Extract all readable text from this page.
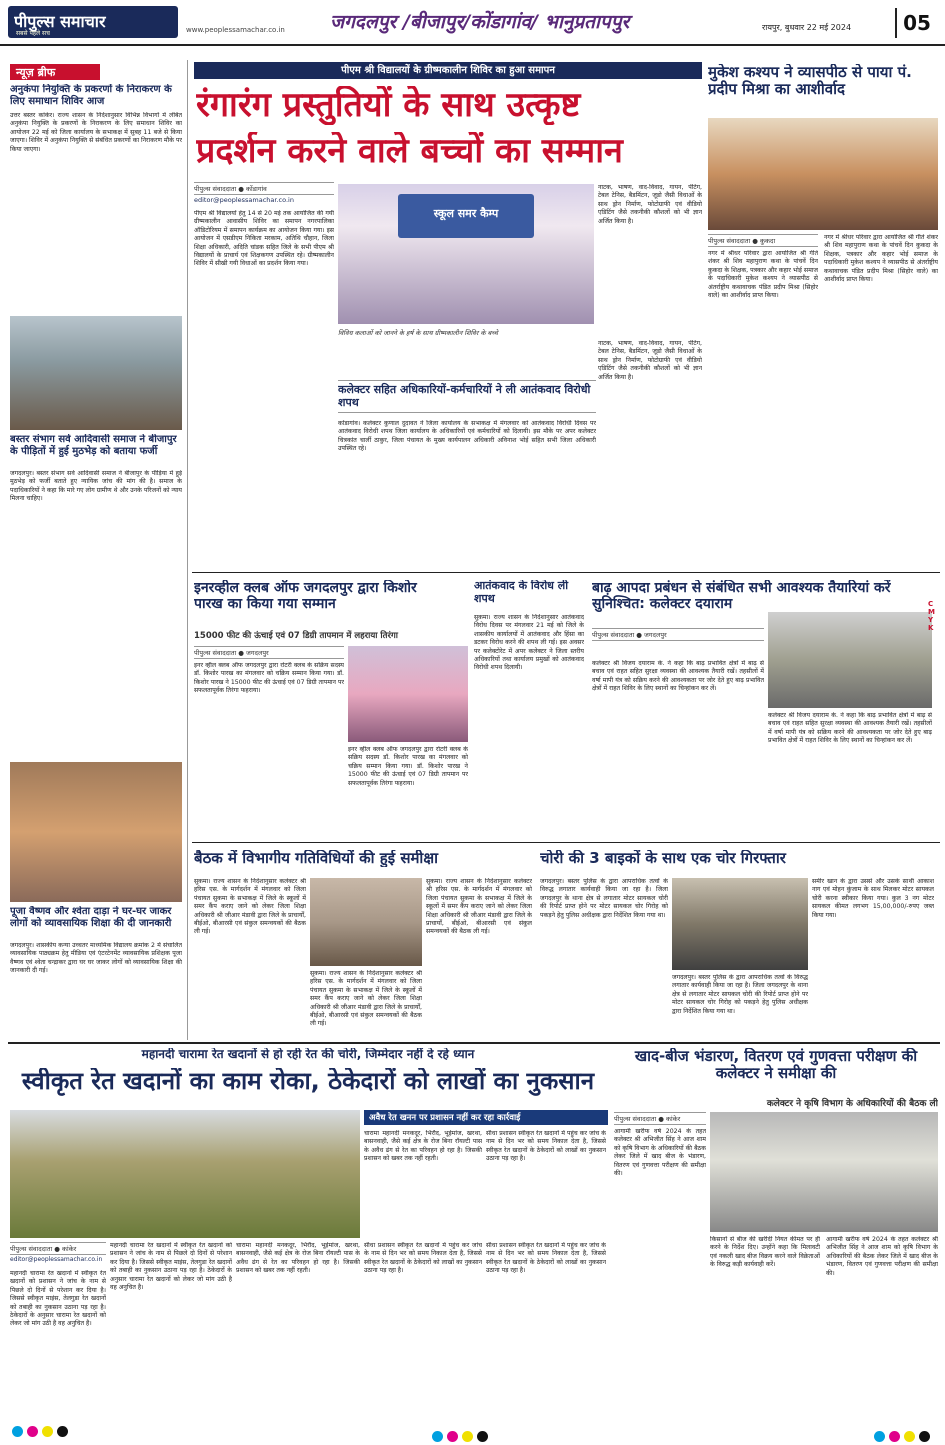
पीपुल्स समाचार
सबसे पहले सच	www.peoplessamachar.co.in जगदलपुर /बीजापुर/कोंडागांव/ भानुप्रतापपुर	रायपुर, बुधवार 22 मई 2024	05
न्यूज़ ब्रीफ
अनुकंपा नियुक्ति के प्रकरणों के निराकरण के लिए समाधान शिविर आज
उत्तर बस्तर कांकेर। राज्य शासन के निर्देशानुसार विभिन्न विभागों में लंबित अनुकंपा नियुक्ति के प्रकरणों के निराकरण के लिए समाधान शिविर का आयोजन 22 मई को जिला कार्यालय के सभाकक्ष में सुबह 11 बजे से किया जाएगा। शिविर में अनुकंपा नियुक्ति से संबंधित प्रकरणों का निराकरण मौके पर किया जाएगा।
बस्तर संभाग सर्व आदिवासी समाज ने बीजापुर के पीड़ितों में हुई मुठभेड़ को बताया फर्जी
जगदलपुर। बस्तर संभाग सर्व आदिवासी समाज ने बीजापुर के पीड़िया में हुई मुठभेड़ को फर्जी बताते हुए न्यायिक जांच की मांग की है। समाज के पदाधिकारियों ने कहा कि मारे गए लोग ग्रामीण थे और उनके परिजनों को न्याय मिलना चाहिए।
पूजा वैष्णव और श्वेता दाड़ा ने घर-घर जाकर लोगों को व्यावसायिक शिक्षा की दी जानकारी
जगदलपुर। शासकीय कन्या उच्चतर माध्यमिक विद्यालय क्रमांक 2 में संचालित व्यावसायिक पाठ्यक्रम हेतु मीडिया एवं एंटरटेनमेंट व्यावसायिक प्रशिक्षक पूजा वैष्णव एवं श्वेता चन्द्राकर द्वारा घर घर जाकर लोगों को व्यावसायिक शिक्षा की जानकारी दी गई।
पीएम श्री विद्यालयों के ग्रीष्मकालीन शिविर का हुआ समापन
रंगारंग प्रस्तुतियों के साथ उत्कृष्ट
प्रदर्शन करने वाले बच्चों का सम्मान
पीपुल्स संवाददाता ● कोंडागांव
editor@peoplessamachar.co.in
पीएम श्री विद्यालयों हेतु 14 से 20 मई तक आयोजित की गयी ग्रीष्मकालीन आवासीय शिविर का समापन नगरपालिका ऑडिटोरियम में समापन कार्यक्रम का आयोजन किया गया। इस आयोजन में एसडीएम निकिता मरकाम, अतिथि चौहान, जिला शिक्षा अधिकारी, अदिति चांडक सहित जिले के सभी पीएम श्री विद्यालयों के प्राचार्य एवं शिक्षकगण उपस्थित रहे। ग्रीष्मकालीन शिविर में सीखी गयी विधाओं का प्रदर्शन किया गया।
स्कूल समर कैम्प
विविध कलाओं को जानने के हर्ष के साथ ग्रीष्मकालीन शिविर के बच्चे
नाटक, भाषण, वाद-विवाद, गायन, पेंटिंग, टेबल टेनिस, बैडमिंटन, जूडो जैसी विधाओं के साथ ड्रोन निर्माण, फोटोग्राफी एवं वीडियो एडिटिंग जैसे तकनीकी कौशलों को भी ज्ञान अर्जित किया है।
कलेक्टर सहित अधिकारियों-कर्मचारियों ने ली आतंकवाद विरोधी शपथ
कोंडागांव। कलेक्टर कुणाल दुदावत ने जिला कार्यालय के सभाकक्ष में मंगलवार को आतंकवाद विरोधी दिवस पर आतंकवाद विरोधी शपथ जिला कार्यालय के अधिकारियों एवं कर्मचारियों को दिलायी। इस मौके पर अपर कलेक्टर चित्रकांत चार्ली ठाकुर, जिला पंचायत के मुख्य कार्यपालन अधिकारी अविनाश भोई सहित सभी जिला अधिकारी उपस्थित रहे।
नाटक, भाषण, वाद-विवाद, गायन, पेंटिंग, टेबल टेनिस, बैडमिंटन, जूडो जैसी विधाओं के साथ ड्रोन निर्माण, फोटोग्राफी एवं वीडियो एडिटिंग जैसे तकनीकी कौशलों को भी ज्ञान अर्जित किया है।
मुकेश कश्यप ने व्यासपीठ से पाया पं. प्रदीप मिश्रा का आशीर्वाद
पीपुल्स संवाददाता ● कुकदा
नगर में श्रीधर परिवार द्वारा आयोजित श्री गीते शंकर श्री शिव महापुराण कथा के पांचवें दिन कुकदा के शिक्षक, पत्रकार और कहार भोई समाज के पदाधिकारी मुकेश कश्यप ने व्यासपीठ से अंतर्राष्ट्रीय कथावाचक पंडित प्रदीप मिश्रा (सिहोर वाले) का आशीर्वाद प्राप्त किया।
नगर में श्रीधर परिवार द्वारा आयोजित श्री गीते शंकर श्री शिव महापुराण कथा के पांचवें दिन कुकदा के शिक्षक, पत्रकार और कहार भोई समाज के पदाधिकारी मुकेश कश्यप ने व्यासपीठ से अंतर्राष्ट्रीय कथावाचक पंडित प्रदीप मिश्रा (सिहोर वाले) का आशीर्वाद प्राप्त किया।
इनरव्हील क्लब ऑफ जगदलपुर द्वारा किशोर पारख का किया गया सम्मान
15000 फीट की ऊंचाई एवं 07 डिग्री तापमान में लहराया तिरंगा
पीपुल्स संवाददाता ● जगदलपुर
इनर व्हील क्लब ऑफ जगदलपुर द्वारा रोटरी क्लब के सक्रिय सदस्य डॉ. किशोर पारख का मंगलवार को चक्रिय सम्मान किया गया। डॉ. किशोर पारख ने 15000 फीट की ऊंचाई एवं 07 डिग्री तापमान पर सफलतापूर्वक तिरंगा फहराया।
इनर व्हील क्लब ऑफ जगदलपुर द्वारा रोटरी क्लब के सक्रिय सदस्य डॉ. किशोर पारख का मंगलवार को चक्रिय सम्मान किया गया। डॉ. किशोर पारख ने 15000 फीट की ऊंचाई एवं 07 डिग्री तापमान पर सफलतापूर्वक तिरंगा फहराया।
आतंकवाद के विरोध ली शपथ
सुकमा। राज्य शासन के निर्देशानुसार आतंकवाद विरोध दिवस पर मंगलवार 21 मई को जिले के शासकीय कार्यालयों में आतंकवाद और हिंसा का डटकर विरोध करने की शपथ ली गई। इस अवसर पर कलेक्टोरेट में अपर कलेक्टर ने जिला स्तरीय अधिकारियों तथा कार्यालय प्रमुखों को आतंकवाद विरोधी शपथ दिलायी।
बाढ़ आपदा प्रबंधन से संबंधित सभी आवश्यक तैयारियां करें सुनिश्चित: कलेक्टर दयाराम
पीपुल्स संवाददाता ● जगदलपुर
कलेक्टर श्री विजय दयाराम के. ने कहा कि बाढ़ प्रभावित क्षेत्रों में बाढ़ से बचाव एवं राहत सहित सुरक्षा व्यवस्था की आवश्यक तैयारी रखें। तहसीलों में वर्षा मापी यंत्र को सक्रिय करने की आवश्यकता पर जोर देते हुए बाढ़ प्रभावित क्षेत्रों में राहत शिविर के लिए स्थानों का चिन्हांकन कर लें।
कलेक्टर श्री विजय दयाराम के. ने कहा कि बाढ़ प्रभावित क्षेत्रों में बाढ़ से बचाव एवं राहत सहित सुरक्षा व्यवस्था की आवश्यक तैयारी रखें। तहसीलों में वर्षा मापी यंत्र को सक्रिय करने की आवश्यकता पर जोर देते हुए बाढ़ प्रभावित क्षेत्रों में राहत शिविर के लिए स्थानों का चिन्हांकन कर लें।
C
M
Y
K
बैठक में विभागीय गतिविधियों की हुई समीक्षा
सुकमा। राज्य शासन के निर्देशानुसार कलेक्टर श्री हरिस एस. के मार्गदर्शन में मंगलवार को जिला पंचायत सुकमा के सभाकक्ष में जिले के स्कूलों में समर कैंप कराए जाने को लेकर जिला शिक्षा अधिकारी श्री जीआर मंडावी द्वारा जिले के प्राचार्यों, बीईओ, बीआरसी एवं संकुल समन्वयकों की बैठक ली गई।
सुकमा। राज्य शासन के निर्देशानुसार कलेक्टर श्री हरिस एस. के मार्गदर्शन में मंगलवार को जिला पंचायत सुकमा के सभाकक्ष में जिले के स्कूलों में समर कैंप कराए जाने को लेकर जिला शिक्षा अधिकारी श्री जीआर मंडावी द्वारा जिले के प्राचार्यों, बीईओ, बीआरसी एवं संकुल समन्वयकों की बैठक ली गई।
सुकमा। राज्य शासन के निर्देशानुसार कलेक्टर श्री हरिस एस. के मार्गदर्शन में मंगलवार को जिला पंचायत सुकमा के सभाकक्ष में जिले के स्कूलों में समर कैंप कराए जाने को लेकर जिला शिक्षा अधिकारी श्री जीआर मंडावी द्वारा जिले के प्राचार्यों, बीईओ, बीआरसी एवं संकुल समन्वयकों की बैठक ली गई।
चोरी की 3 बाइकों के साथ एक चोर गिरफ्तार
जगदलपुर। बस्तर पुलिस के द्वारा आपराधिक तत्वों के विरुद्ध लगातार कार्यवाही किया जा रहा है। जिला जगदलपुर के थाना क्षेत्र से लगातार मोटर सायकल चोरी की रिपोर्ट प्राप्त होने पर मोटर सायकल चोर गिरोह को पकड़ने हेतु पुलिस अधीक्षक द्वारा निर्देशित किया गया था।
समीर खान के द्वारा उससे और उसके साथी आकाश नाग एवं मोहन कुंजाम के साथ मिलकर मोटर सायकल चोरी करना स्वीकार किया गया। कुल 3 नग मोटर सायकल कीमत लगभग 15,00,000/-रुपए जब्त किया गया।
जगदलपुर। बस्तर पुलिस के द्वारा आपराधिक तत्वों के विरुद्ध लगातार कार्यवाही किया जा रहा है। जिला जगदलपुर के थाना क्षेत्र से लगातार मोटर सायकल चोरी की रिपोर्ट प्राप्त होने पर मोटर सायकल चोर गिरोह को पकड़ने हेतु पुलिस अधीक्षक द्वारा निर्देशित किया गया था।
महानदी चारामा रेत खदानों से हो रही रेत की चोरी, जिम्मेदार नहीं दे रहे ध्यान
स्वीकृत रेत खदानों का काम रोका, ठेकेदारों को लाखों का नुकसान
अवैध रेत खनन पर प्रशासन नहीं कर रहा कार्रवाई
चारामा महानदी मनकदूर, भिरौद, भूईमांज, खरथा, बासनवाही, जैसे कई क्षेत्र के रोज बिना रॉयल्टी पास के अवैध ढंग से रेत का परिवहन हो रहा है। जिसकी प्रशासन को खबर तक नहीं रहती।
सीधा प्रशासन स्वीकृत रेत खदानों में पहुंच कर जांच के नाम से दिन भर को समय निकाल देता है, जिससे स्वीकृत रेत खदानों के ठेकेदारों को लाखों का नुकसान उठाना पड़ रहा है।
पीपुल्स संवाददाता ● कांकेर
editor@peoplessamachar.co.in
महानदी चारामा रेत खदानों में स्वीकृत रेत खदानों को प्रशासन ने जांच के नाम से पिछले दो दिनों से परेशान कर दिया है। जिससे स्वीकृत माइंस, तेलगुडा रेत खदानों को तबाही का नुकसान उठाना पड़ रहा है। ठेकेदारों के अनुसार चारामा रेत खदानों को लेकर जो मांग उठी है वह अनुचित है।
महानदी चारामा रेत खदानों में स्वीकृत रेत खदानों को प्रशासन ने जांच के नाम से पिछले दो दिनों से परेशान कर दिया है। जिससे स्वीकृत माइंस, तेलगुडा रेत खदानों को तबाही का नुकसान उठाना पड़ रहा है। ठेकेदारों के अनुसार चारामा रेत खदानों को लेकर जो मांग उठी है वह अनुचित है।
चारामा महानदी मनकदूर, भिरौद, भूईमांज, खरथा, बासनवाही, जैसे कई क्षेत्र के रोज बिना रॉयल्टी पास के अवैध ढंग से रेत का परिवहन हो रहा है। जिसकी प्रशासन को खबर तक नहीं रहती।
सीधा प्रशासन स्वीकृत रेत खदानों में पहुंच कर जांच के नाम से दिन भर को समय निकाल देता है, जिससे स्वीकृत रेत खदानों के ठेकेदारों को लाखों का नुकसान उठाना पड़ रहा है।
सीधा प्रशासन स्वीकृत रेत खदानों में पहुंच कर जांच के नाम से दिन भर को समय निकाल देता है, जिससे स्वीकृत रेत खदानों के ठेकेदारों को लाखों का नुकसान उठाना पड़ रहा है।
खाद-बीज भंडारण, वितरण एवं गुणवत्ता परीक्षण की कलेक्टर ने समीक्षा की
कलेक्टर ने कृषि विभाग के अधिकारियों की बैठक ली
पीपुल्स संवाददाता ● कांकेर
आगामी खरीफ वर्ष 2024 के तहत कलेक्टर श्री अभिजीत सिंह ने आज शाम को कृषि विभाग के अधिकारियों की बैठक लेकर जिले में खाद बीज के भंडारण, वितरण एवं गुणवत्ता परीक्षण की समीक्षा की।
किसानों से बीज की खरीदी नियत कीमत पर ही करने के निर्देश दिए। उन्होंने कहा कि मिलावटी एवं नकली खाद बीज विक्रय करने वाले विक्रेताओं के विरुद्ध कड़ी कार्यवाही करें।
आगामी खरीफ वर्ष 2024 के तहत कलेक्टर श्री अभिजीत सिंह ने आज शाम को कृषि विभाग के अधिकारियों की बैठक लेकर जिले में खाद बीज के भंडारण, वितरण एवं गुणवत्ता परीक्षण की समीक्षा की।
